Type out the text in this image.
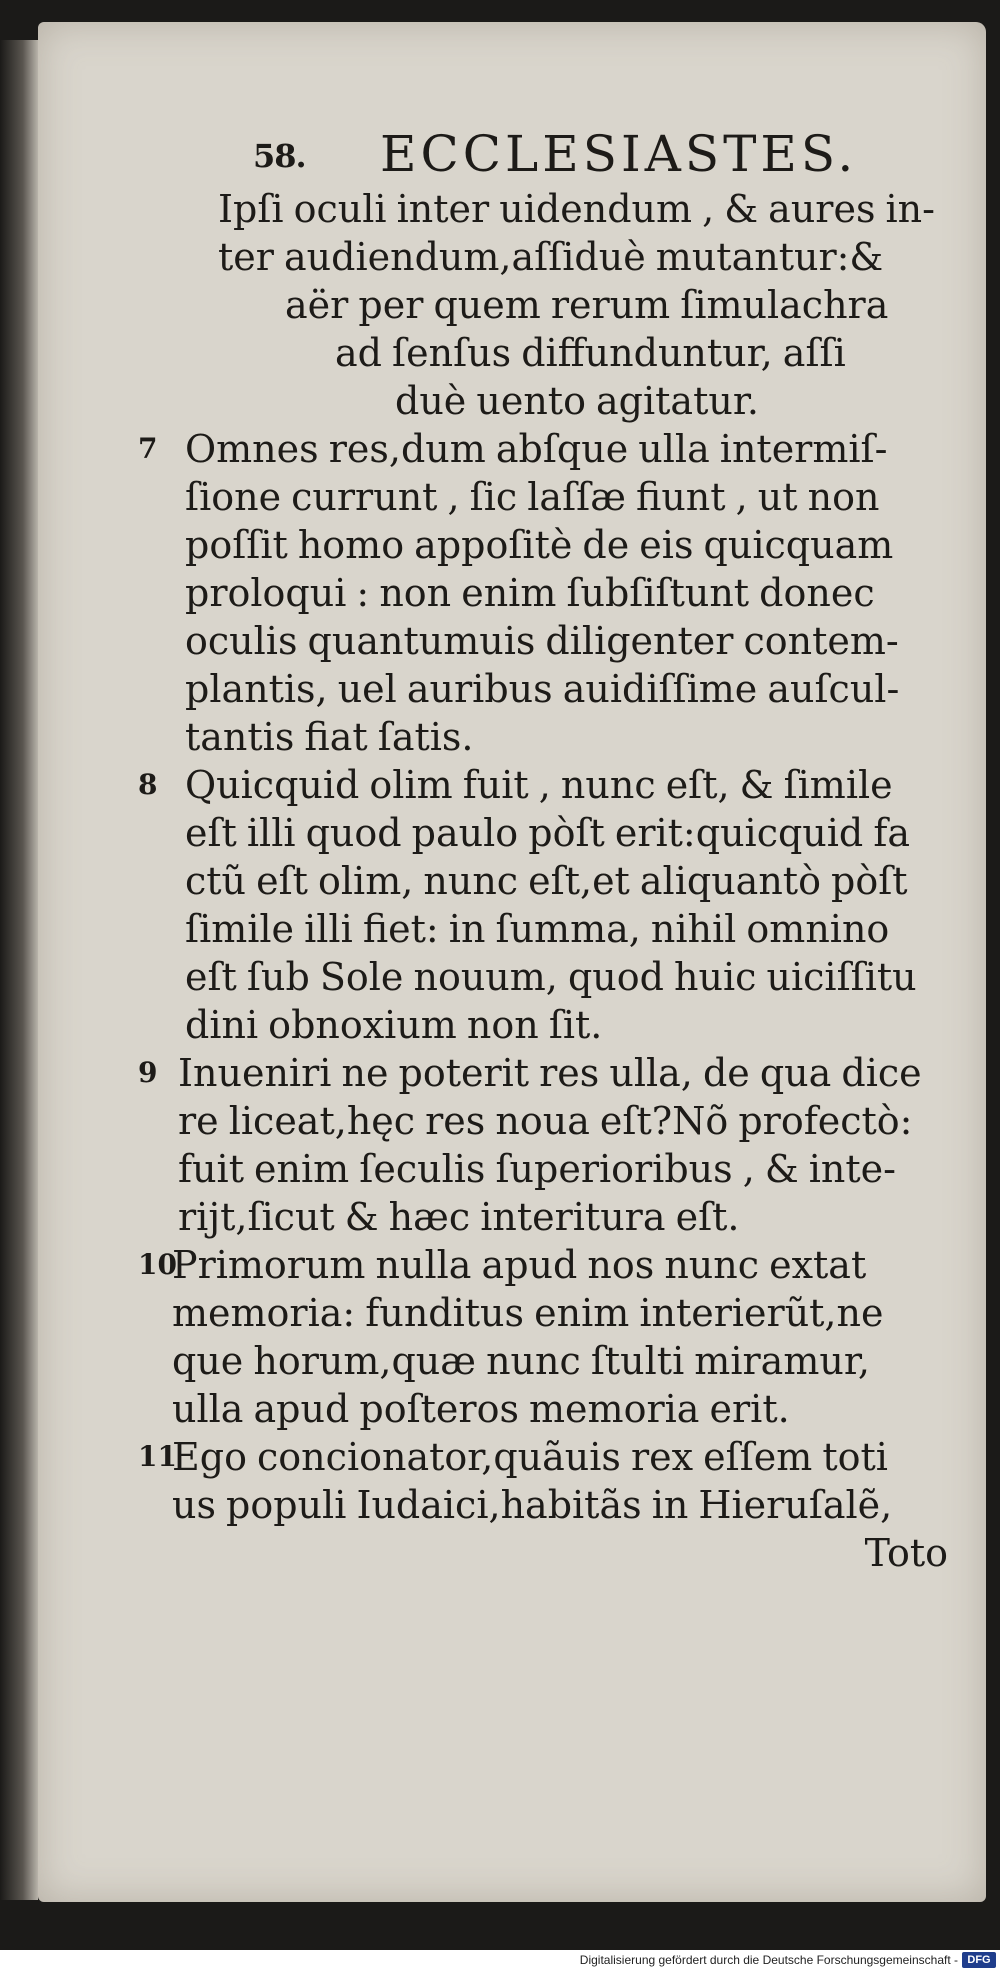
58. ECCLESIASTES.
Ipſi oculi inter uidendum , & aures in-
ter audiendum,aſſiduè mutantur:&
aër per quem rerum ſimulachra
ad ſenſus diffunduntur, aſſi
duè uento agitatur.
7 Omnes res,dum abſque ulla intermiſ-
ſione currunt , ſic laſſæ fiunt , ut non
poſſit homo appoſitè de eis quicquam
proloqui : non enim ſubſiſtunt donec
oculis quantumuis diligenter contem-
plantis, uel auribus auidiſſime auſcul-
tantis fiat ſatis.
8 Quicquid olim fuit , nunc eſt, & ſimile
eſt illi quod paulo pòſt erit:quicquid fa
ctũ eſt olim, nunc eſt,et aliquantò pòſt
ſimile illi fiet: in ſumma, nihil omnino
eſt ſub Sole nouum, quod huic uiciſſitu
dini obnoxium non ſit.
9 Inueniri ne poterit res ulla, de qua dice
re liceat,hęc res noua eſt?Nõ profectò:
fuit enim ſeculis ſuperioribus , & inte-
rijt,ſicut & hæc interitura eſt.
10
Primorum nulla apud nos nunc extat
memoria: funditus enim interierũt,ne
que horum,quæ nunc ſtulti miramur,
ulla apud poſteros memoria erit.
11
Ego concionator,quãuis rex eſſem toti
us populi Iudaici,habitãs in Hieruſalẽ,
Toto
Digitalisierung gefördert durch die Deutsche Forschungsgemeinschaft - DFG
